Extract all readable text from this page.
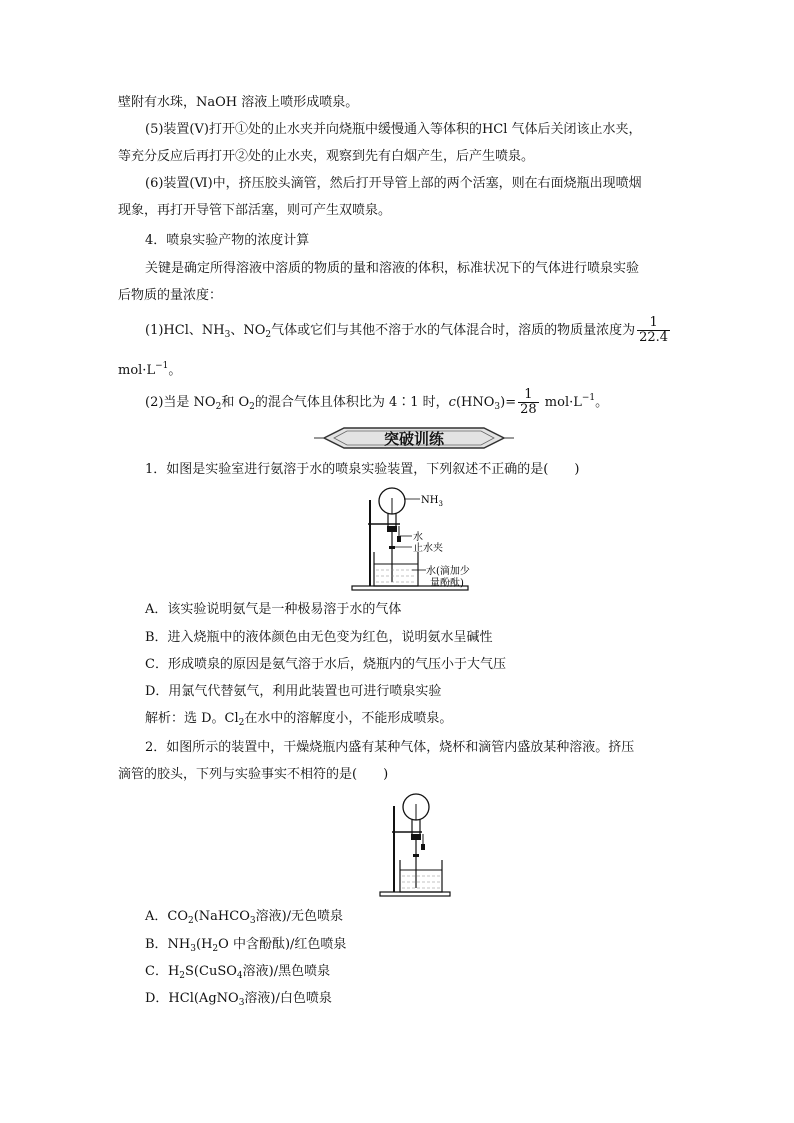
壁附有水珠，NaOH 溶液上喷形成喷泉。
(5)装置(Ⅴ)打开①处的止水夹并向烧瓶中缓慢通入等体积的HCl 气体后关闭该止水夹，
等充分反应后再打开②处的止水夹，观察到先有白烟产生，后产生喷泉。
(6)装置(Ⅵ)中，挤压胶头滴管，然后打开导管上部的两个活塞，则在右面烧瓶出现喷烟
现象，再打开导管下部活塞，则可产生双喷泉。
4．喷泉实验产物的浓度计算
关键是确定所得溶液中溶质的物质的量和溶液的体积，标准状况下的气体进行喷泉实验
后物质的量浓度：
(1)HCl、$NH_3$、$NO_2$气体或它们与其他不溶于水的气体混合时，溶质的物质量浓度为 $\frac{1}{22.4}$
$mol\cdot L^{-1}$。
(2)当是 $NO_2$和 $O_2$的混合气体且体积比为 4∶1 时，$c(HNO_3)= \frac{1}{28} mol\cdot L^{-1}$。
突破训练
1．如图是实验室进行氨溶于水的喷泉实验装置，下列叙述不正确的是(　　)
$NH_3$
水
止水夹
水(滴加少
量酚酞)
A．该实验说明氨气是一种极易溶于水的气体
B．进入烧瓶中的液体颜色由无色变为红色，说明氨水呈碱性
C．形成喷泉的原因是氨气溶于水后，烧瓶内的气压小于大气压
D．用氯气代替氨气，利用此装置也可进行喷泉实验
解析：选 D。$Cl_2$在水中的溶解度小，不能形成喷泉。
2．如图所示的装置中，干燥烧瓶内盛有某种气体，烧杯和滴管内盛放某种溶液。挤压
滴管的胶头，下列与实验事实不相符的是(　　)
A．$CO_2(NaHCO_3$溶液)/无色喷泉
B．$NH_3(H_2O$ 中含酚酞)/红色喷泉
C．$H_2S(CuSO_4$溶液)/黑色喷泉
D．HCl(AgNO$_3$溶液)/白色喷泉
